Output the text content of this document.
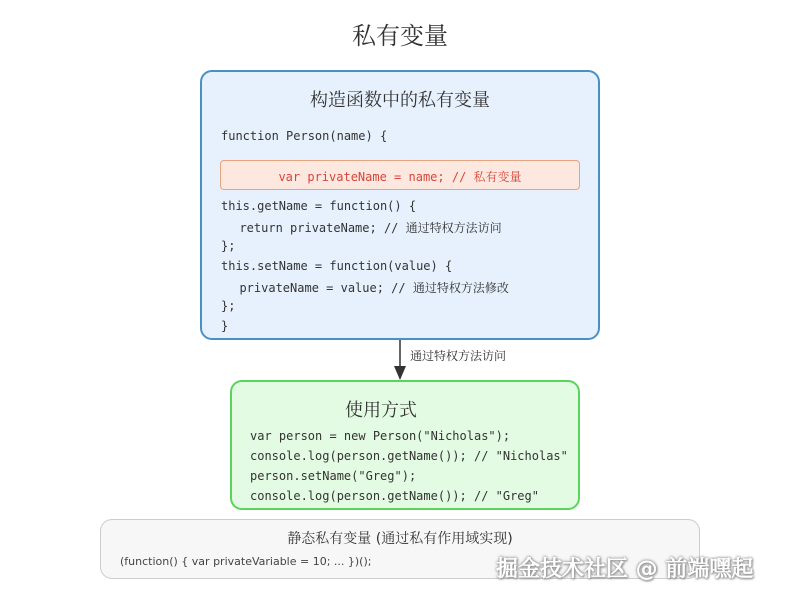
私有变量
构造函数中的私有变量
function Person(name) {
var privateName = name; // 私有变量
this.getName = function() {
return privateName; // 通过特权方法访问
};
this.setName = function(value) {
privateName = value; // 通过特权方法修改
};
}
通过特权方法访问
使用方式
var person = new Person("Nicholas");
console.log(person.getName()); // "Nicholas"
person.setName("Greg");
console.log(person.getName()); // "Greg"
静态私有变量 (通过私有作用域实现)
(function() { var privateVariable = 10; ... })();	掘金技术社区 @ 前端嘿起
